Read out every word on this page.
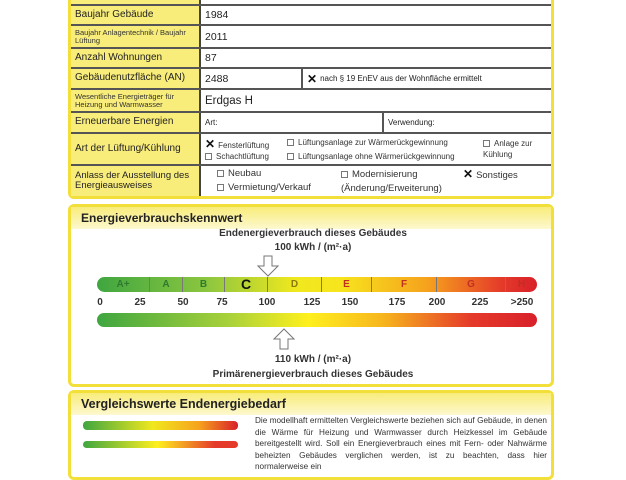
Baujahr Gebäude	1984
Baujahr Anlagentechnik / Baujahr Lüftung	2011
Anzahl Wohnungen	87
Gebäudenutzfläche (AN)	2488	✕ nach § 19 EnEV aus der Wohnfläche ermittelt
Wesentliche Energieträger für Heizung und Warmwasser	Erdgas H
Erneuerbare Energien	Art:	Verwendung:
Art der Lüftung/Kühlung	✕ Fensterlüftung
Schachtlüftung
Lüftungsanlage zur Wärmerückgewinnung
Lüftungsanlage ohne Wärmerückgewinnung
Anlage zur Kühlung
Anlass der Ausstellung des Energieausweises
Neubau
Vermietung/Verkauf
Modernisierung (Änderung/Erweiterung)
✕ Sonstiges
Energieverbrauchskennwert
Endenergieverbrauch dieses Gebäudes
100 kWh / (m²·a)
A+	A	B	C	D	E	F	G	H
0	25	50	75	100	125 150	175 200	225 >250
110 kWh / (m²·a)
Primärenergieverbrauch dieses Gebäudes
Vergleichswerte Endenergiebedarf
Die modellhaft ermittelten Vergleichswerte beziehen sich auf Gebäude, in denen die Wärme für Heizung und Warmwasser durch Heizkessel im Gebäude bereitgestellt wird. Soll ein Energieverbrauch eines mit Fern- oder Nahwärme beheizten Gebäudes verglichen werden, ist zu beachten, dass hier normalerweise ein
